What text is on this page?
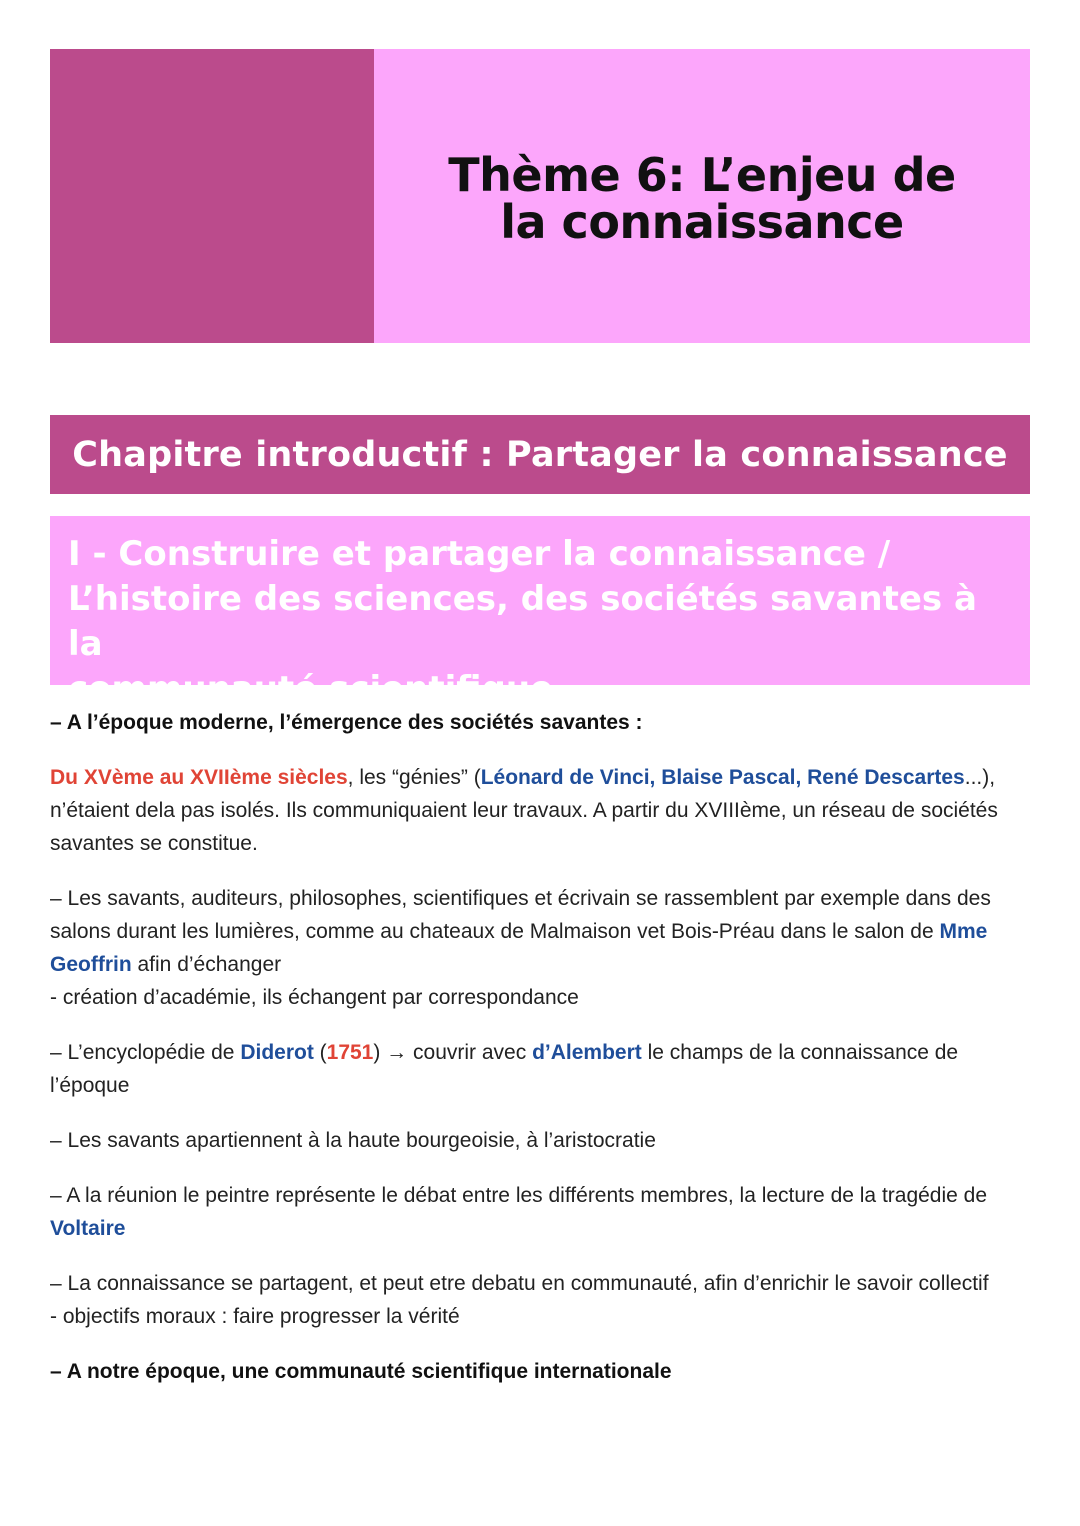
Thème 6: L’enjeu de
la connaissance
Chapitre introductif : Partager la connaissance
I - Construire et partager la connaissance /
L’histoire des sciences, des sociétés savantes à la
communauté scientifique

– A l’époque moderne, l’émergence des sociétés savantes :

Du XVème au XVIIème siècles, les “génies” (Léonard de Vinci, Blaise Pascal, René Descartes...), n’étaient dela pas isolés. Ils communiquaient leur travaux. A partir du XVIIIème, un réseau de sociétés savantes se constitue.

– Les savants, auditeurs, philosophes, scientifiques et écrivain se rassemblent par exemple dans des salons durant les lumières, comme au chateaux de Malmaison vet Bois-Préau dans le salon de Mme Geoffrin afin d’échanger
- création d’académie, ils échangent par correspondance

– L’encyclopédie de Diderot (1751) → couvrir avec d’Alembert le champs de la connaissance de l’époque

– Les savants apartiennent à la haute bourgeoisie, à l’aristocratie

– A la réunion le peintre représente le débat entre les différents membres, la lecture de la tragédie de Voltaire

– La connaissance se partagent, et peut etre debatu en communauté, afin d’enrichir le savoir collectif
- objectifs moraux : faire progresser la vérité

– A notre époque, une communauté scientifique internationale
